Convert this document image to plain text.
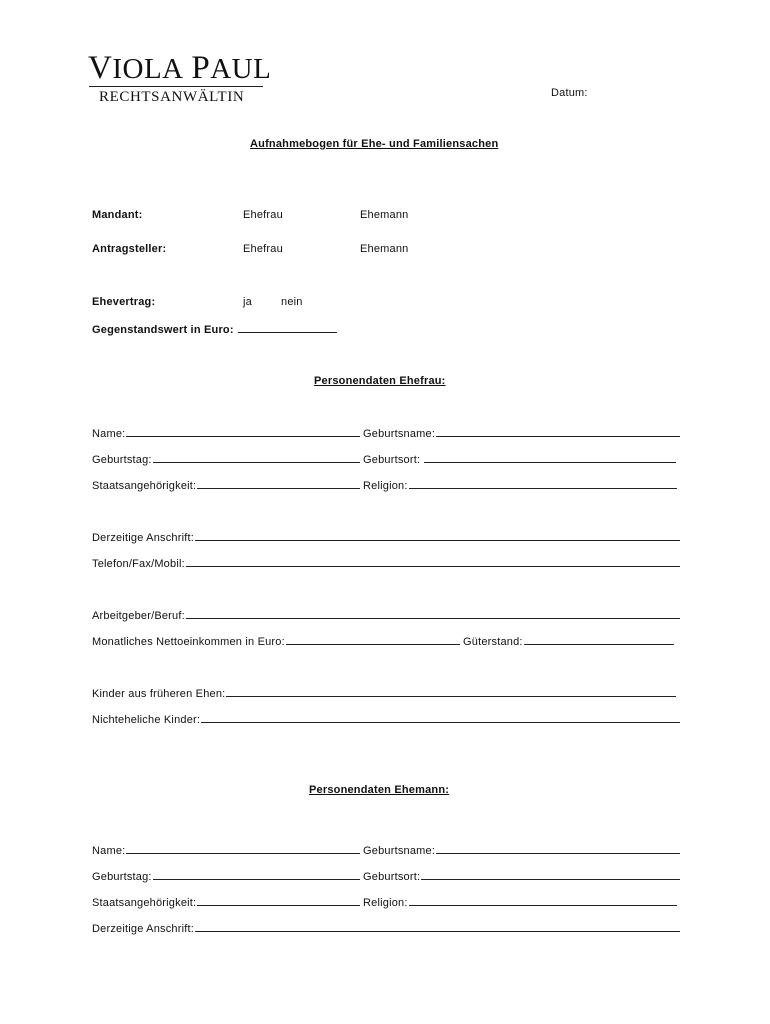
VIOLA PAUL
RECHTSANWÄLTIN	Datum:
Aufnahmebogen für Ehe- und Familiensachen
Mandant:	Ehefrau	Ehemann
Antragsteller:	Ehefrau	Ehemann
Ehevertrag:	ja	nein
Gegenstandswert in Euro:
Personendaten Ehefrau:
Name:	Geburtsname:
Geburtstag:	Geburtsort:
Staatsangehörigkeit:	Religion:
Derzeitige Anschrift:
Telefon/Fax/Mobil:
Arbeitgeber/Beruf:
Monatliches Nettoeinkommen in Euro:	Güterstand:
Kinder aus früheren Ehen:
Nichteheliche Kinder:
Personendaten Ehemann:
Name:	Geburtsname:
Geburtstag:	Geburtsort:
Staatsangehörigkeit:	Religion:
Derzeitige Anschrift:
